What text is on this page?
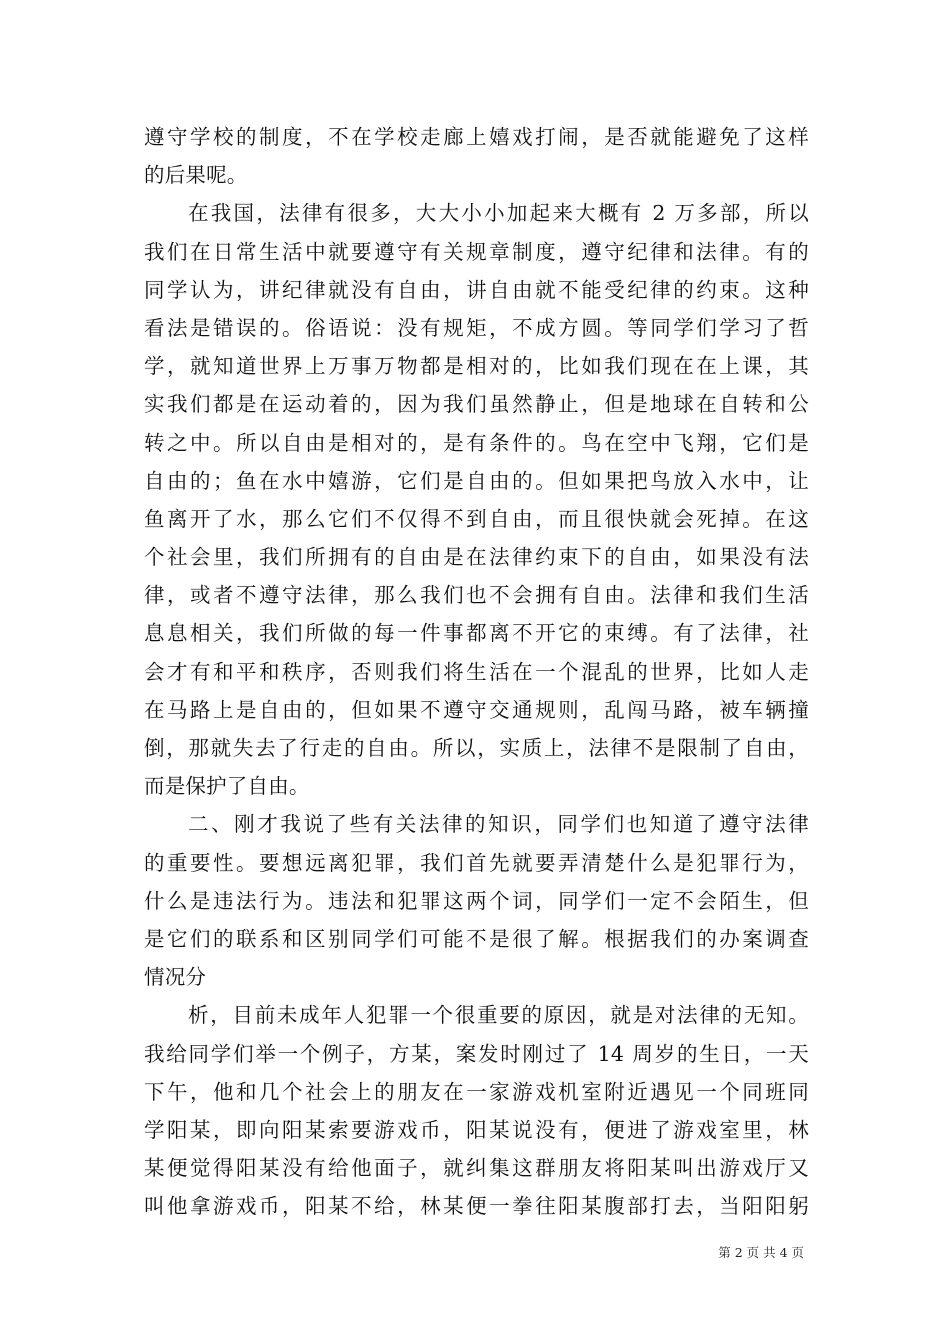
遵守学校的制度，不在学校走廊上嬉戏打闹，是否就能避免了这样
的后果呢。
在我国，法律有很多，大大小小加起来大概有 2 万多部，所以
我们在日常生活中就要遵守有关规章制度，遵守纪律和法律。有的
同学认为，讲纪律就没有自由，讲自由就不能受纪律的约束。这种
看法是错误的。俗语说：没有规矩，不成方圆。等同学们学习了哲
学，就知道世界上万事万物都是相对的，比如我们现在在上课，其
实我们都是在运动着的，因为我们虽然静止，但是地球在自转和公
转之中。所以自由是相对的，是有条件的。鸟在空中飞翔，它们是
自由的；鱼在水中嬉游，它们是自由的。但如果把鸟放入水中，让
鱼离开了水，那么它们不仅得不到自由，而且很快就会死掉。在这
个社会里，我们所拥有的自由是在法律约束下的自由，如果没有法
律，或者不遵守法律，那么我们也不会拥有自由。法律和我们生活
息息相关，我们所做的每一件事都离不开它的束缚。有了法律，社
会才有和平和秩序，否则我们将生活在一个混乱的世界，比如人走
在马路上是自由的，但如果不遵守交通规则，乱闯马路，被车辆撞
倒，那就失去了行走的自由。所以，实质上，法律不是限制了自由，
而是保护了自由。
二、刚才我说了些有关法律的知识，同学们也知道了遵守法律
的重要性。要想远离犯罪，我们首先就要弄清楚什么是犯罪行为，
什么是违法行为。违法和犯罪这两个词，同学们一定不会陌生，但
是它们的联系和区别同学们可能不是很了解。根据我们的办案调查
情况分
析，目前未成年人犯罪一个很重要的原因，就是对法律的无知。
我给同学们举一个例子，方某，案发时刚过了 14 周岁的生日，一天
下午，他和几个社会上的朋友在一家游戏机室附近遇见一个同班同
学阳某，即向阳某索要游戏币，阳某说没有，便进了游戏室里，林
某便觉得阳某没有给他面子，就纠集这群朋友将阳某叫出游戏厅又
叫他拿游戏币，阳某不给，林某便一拳往阳某腹部打去，当阳阳躬
第 2 页 共 4 页
